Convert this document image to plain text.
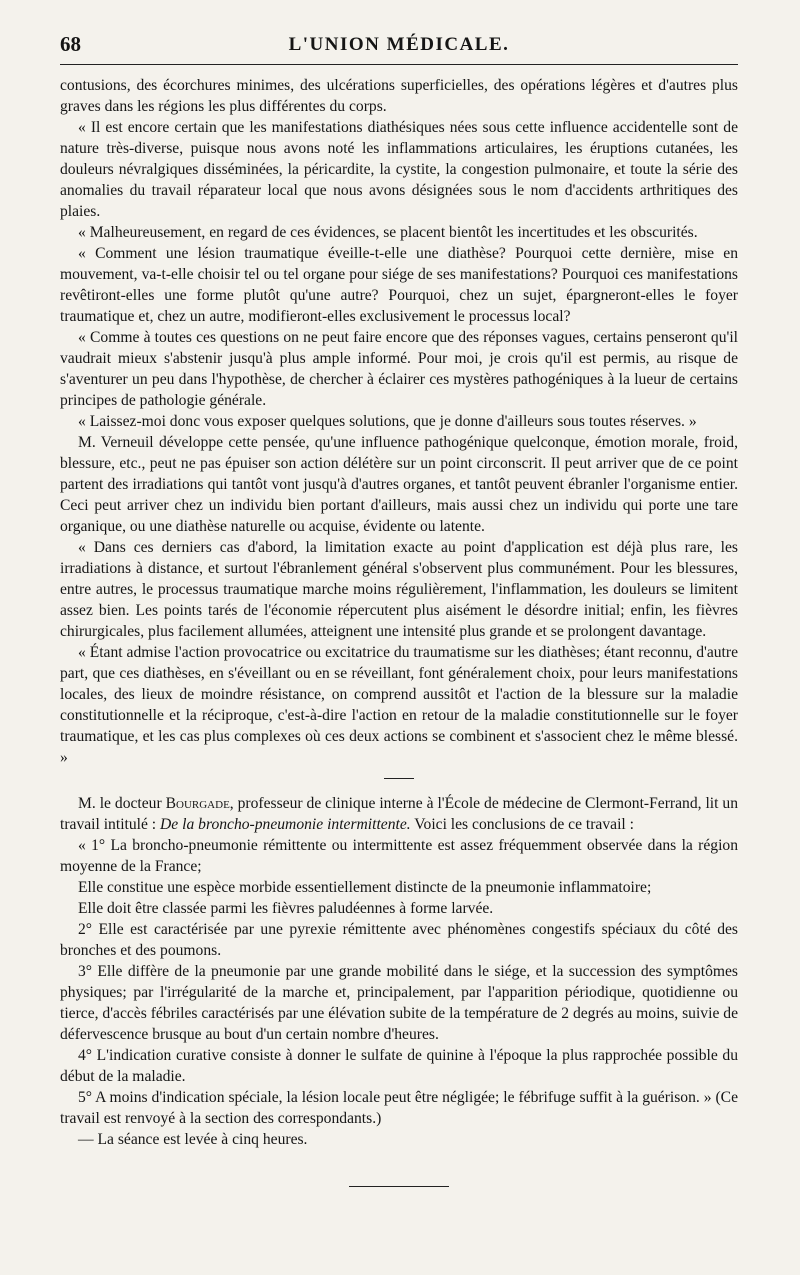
68	L'UNION MÉDICALE.

contusions, des écorchures minimes, des ulcérations superficielles, des opérations légères et d'autres plus graves dans les régions les plus différentes du corps.

« Il est encore certain que les manifestations diathésiques nées sous cette influence accidentelle sont de nature très-diverse, puisque nous avons noté les inflammations articulaires, les éruptions cutanées, les douleurs névralgiques disséminées, la péricardite, la cystite, la congestion pulmonaire, et toute la série des anomalies du travail réparateur local que nous avons désignées sous le nom d'accidents arthritiques des plaies.

« Malheureusement, en regard de ces évidences, se placent bientôt les incertitudes et les obscurités.

« Comment une lésion traumatique éveille-t-elle une diathèse? Pourquoi cette dernière, mise en mouvement, va-t-elle choisir tel ou tel organe pour siége de ses manifestations? Pourquoi ces manifestations revêtiront-elles une forme plutôt qu'une autre? Pourquoi, chez un sujet, épargneront-elles le foyer traumatique et, chez un autre, modifieront-elles exclusivement le processus local?

« Comme à toutes ces questions on ne peut faire encore que des réponses vagues, certains penseront qu'il vaudrait mieux s'abstenir jusqu'à plus ample informé. Pour moi, je crois qu'il est permis, au risque de s'aventurer un peu dans l'hypothèse, de chercher à éclairer ces mystères pathogéniques à la lueur de certains principes de pathologie générale.

« Laissez-moi donc vous exposer quelques solutions, que je donne d'ailleurs sous toutes réserves. »

M. Verneuil développe cette pensée, qu'une influence pathogénique quelconque, émotion morale, froid, blessure, etc., peut ne pas épuiser son action délétère sur un point circonscrit. Il peut arriver que de ce point partent des irradiations qui tantôt vont jusqu'à d'autres organes, et tantôt peuvent ébranler l'organisme entier. Ceci peut arriver chez un individu bien portant d'ailleurs, mais aussi chez un individu qui porte une tare organique, ou une diathèse naturelle ou acquise, évidente ou latente.

« Dans ces derniers cas d'abord, la limitation exacte au point d'application est déjà plus rare, les irradiations à distance, et surtout l'ébranlement général s'observent plus communément. Pour les blessures, entre autres, le processus traumatique marche moins régulièrement, l'inflammation, les douleurs se limitent assez bien. Les points tarés de l'économie répercutent plus aisément le désordre initial; enfin, les fièvres chirurgicales, plus facilement allumées, atteignent une intensité plus grande et se prolongent davantage.

« Étant admise l'action provocatrice ou excitatrice du traumatisme sur les diathèses; étant reconnu, d'autre part, que ces diathèses, en s'éveillant ou en se réveillant, font généralement choix, pour leurs manifestations locales, des lieux de moindre résistance, on comprend aussitôt et l'action de la blessure sur la maladie constitutionnelle et la réciproque, c'est-à-dire l'action en retour de la maladie constitutionnelle sur le foyer traumatique, et les cas plus complexes où ces deux actions se combinent et s'associent chez le même blessé. »

M. le docteur Bourgade, professeur de clinique interne à l'École de médecine de Clermont-Ferrand, lit un travail intitulé : De la broncho-pneumonie intermittente. Voici les conclusions de ce travail :

« 1° La broncho-pneumonie rémittente ou intermittente est assez fréquemment observée dans la région moyenne de la France;

Elle constitue une espèce morbide essentiellement distincte de la pneumonie inflammatoire;

Elle doit être classée parmi les fièvres paludéennes à forme larvée.

2° Elle est caractérisée par une pyrexie rémittente avec phénomènes congestifs spéciaux du côté des bronches et des poumons.

3° Elle diffère de la pneumonie par une grande mobilité dans le siége, et la succession des symptômes physiques; par l'irrégularité de la marche et, principalement, par l'apparition périodique, quotidienne ou tierce, d'accès fébriles caractérisés par une élévation subite de la température de 2 degrés au moins, suivie de défervescence brusque au bout d'un certain nombre d'heures.

4° L'indication curative consiste à donner le sulfate de quinine à l'époque la plus rapprochée possible du début de la maladie.

5° A moins d'indication spéciale, la lésion locale peut être négligée; le fébrifuge suffit à la guérison. » (Ce travail est renvoyé à la section des correspondants.)

— La séance est levée à cinq heures.
